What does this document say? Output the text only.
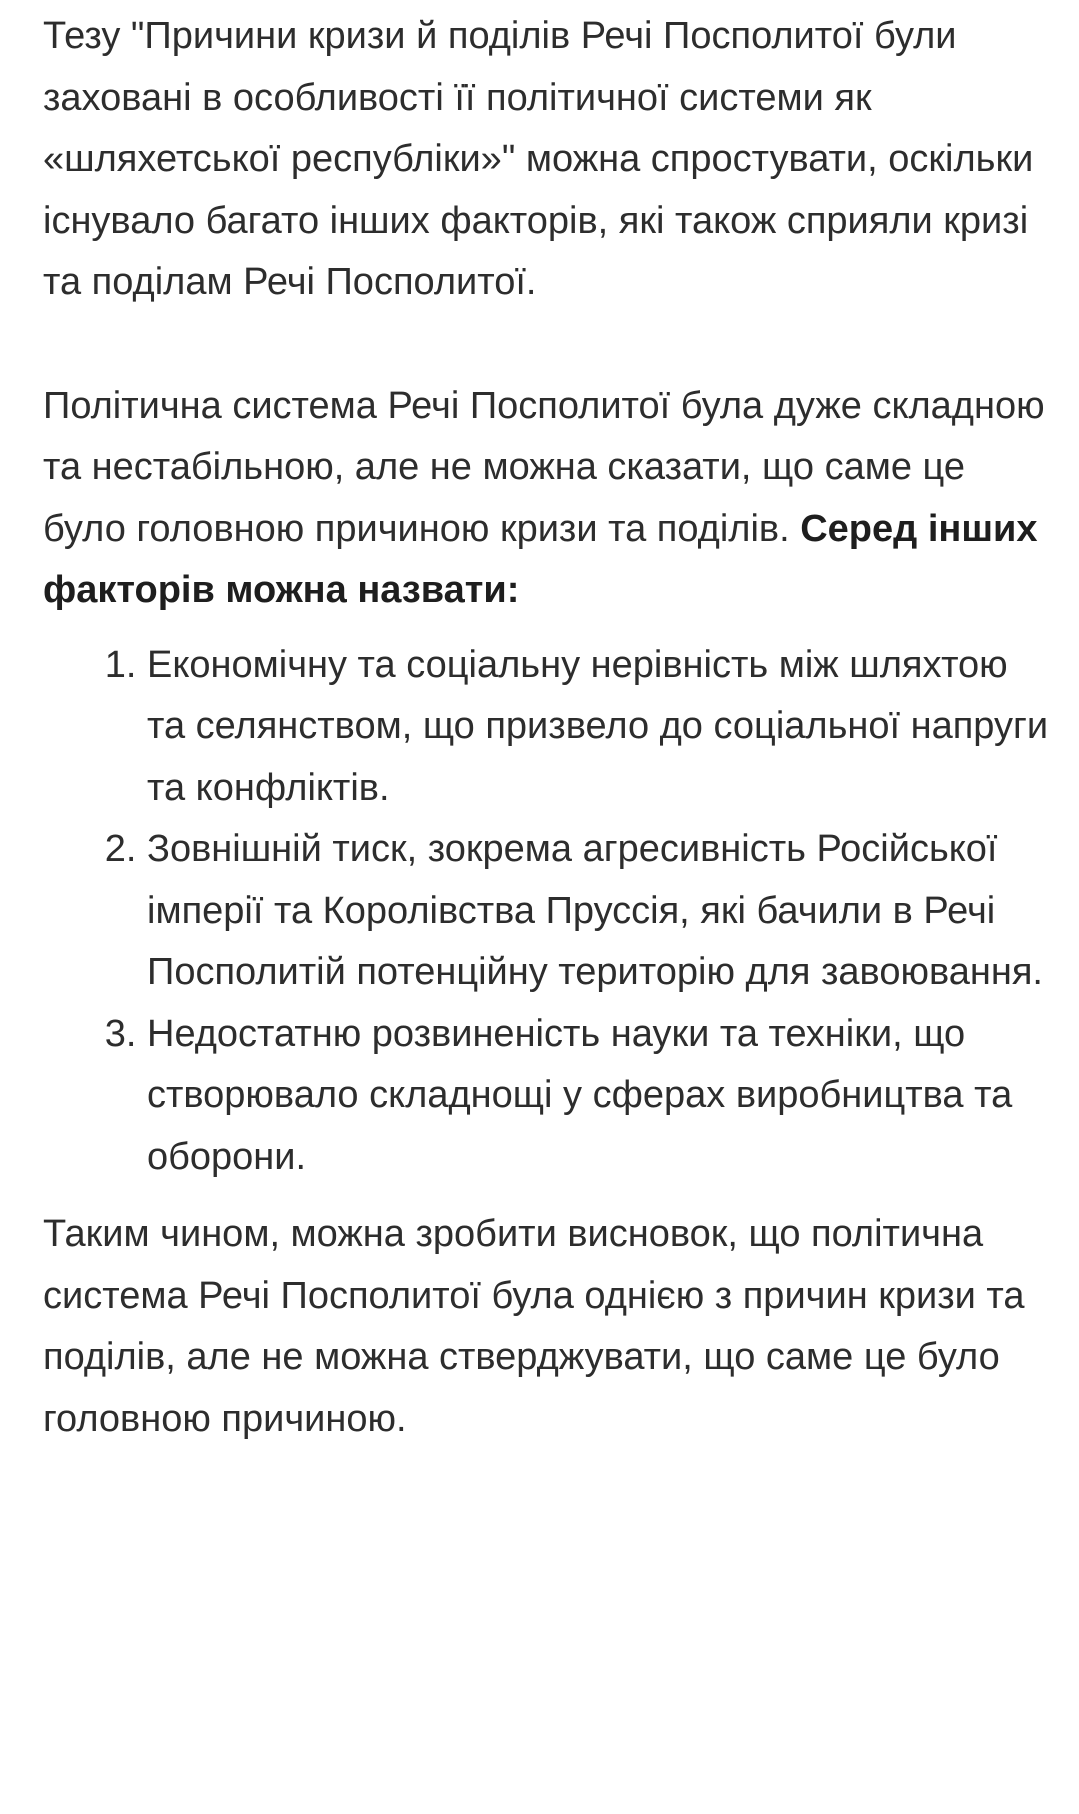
Тезу "Причини кризи й поділів Речі Посполитої були заховані в особливості її політичної системи як «шляхетської республіки»" можна спростувати, оскільки існувало багато інших факторів, які також сприяли кризі та поділам Речі Посполитої.

Політична система Речі Посполитої була дуже складною та нестабільною, але не можна сказати, що саме це було головною причиною кризи та поділів. Серед інших факторів можна назвати:

1. Економічну та соціальну нерівність між шляхтою та селянством, що призвело до соціальної напруги та конфліктів.
2. Зовнішній тиск, зокрема агресивність Російської імперії та Королівства Пруссія, які бачили в Речі Посполитій потенційну територію для завоювання.
3. Недостатню розвиненість науки та техніки, що створювало складнощі у сферах виробництва та оборони.

Таким чином, можна зробити висновок, що політична система Речі Посполитої була однією з причин кризи та поділів, але не можна стверджувати, що саме це було головною причиною.
